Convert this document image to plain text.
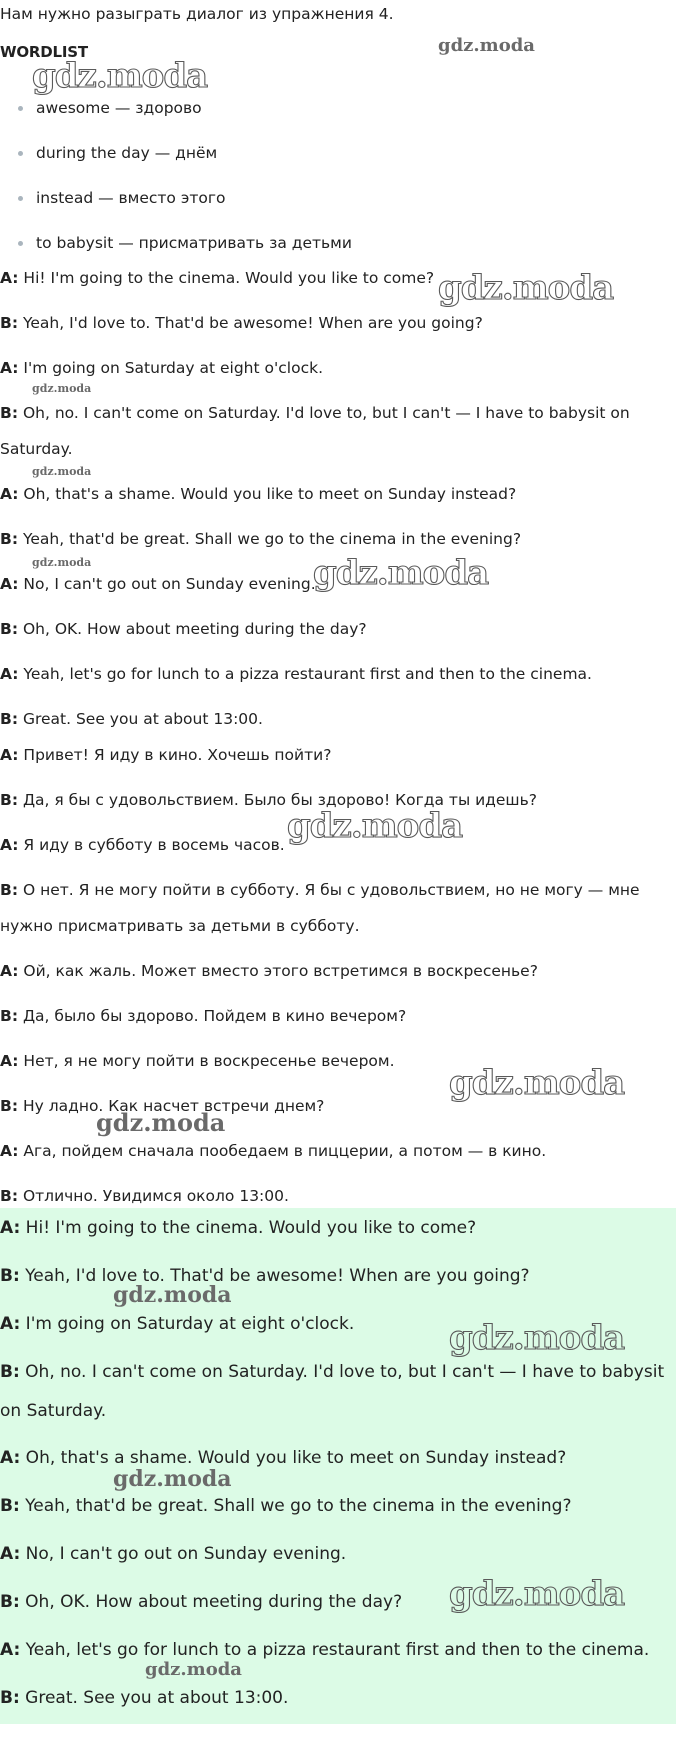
Нам нужно разыграть диалог из упражнения 4.
WORDLIST
awesome — здорово
during the day — днём
instead — вместо этого
to babysit — присматривать за детьми
A: Hi! I'm going to the cinema. Would you like to come?
B: Yeah, I'd love to. That'd be awesome! When are you going?
A: I'm going on Saturday at eight o'clock.
B: Oh, no. I can't come on Saturday. I'd love to, but I can't — I have to babysit on
Saturday.
A: Oh, that's a shame. Would you like to meet on Sunday instead?
B: Yeah, that'd be great. Shall we go to the cinema in the evening?
A: No, I can't go out on Sunday evening.
B: Oh, OK. How about meeting during the day?
A: Yeah, let's go for lunch to a pizza restaurant first and then to the cinema.
B: Great. See you at about 13:00.
A: Привет! Я иду в кино. Хочешь пойти?
B: Да, я бы с удовольствием. Было бы здорово! Когда ты идешь?
A: Я иду в субботу в восемь часов.
B: О нет. Я не могу пойти в субботу. Я бы с удовольствием, но не могу — мне
нужно присматривать за детьми в субботу.
A: Ой, как жаль. Может вместо этого встретимся в воскресенье?
B: Да, было бы здорово. Пойдем в кино вечером?
A: Нет, я не могу пойти в воскресенье вечером.
B: Ну ладно. Как насчет встречи днем?
A: Ага, пойдем сначала пообедаем в пиццерии, а потом — в кино.
B: Отлично. Увидимся около 13:00.
A: Hi! I'm going to the cinema. Would you like to come?
B: Yeah, I'd love to. That'd be awesome! When are you going?
A: I'm going on Saturday at eight o'clock.
B: Oh, no. I can't come on Saturday. I'd love to, but I can't — I have to babysit
on Saturday.
A: Oh, that's a shame. Would you like to meet on Sunday instead?
B: Yeah, that'd be great. Shall we go to the cinema in the evening?
A: No, I can't go out on Sunday evening.
B: Oh, OK. How about meeting during the day?
A: Yeah, let's go for lunch to a pizza restaurant first and then to the cinema.
B: Great. See you at about 13:00.
gdz.moda
gdz.moda
gdz.moda
gdz.moda
gdz.moda
gdz.moda	gdz.moda
gdz.moda
gdz.moda
gdz.moda
gdz.moda
gdz.moda
gdz.moda
